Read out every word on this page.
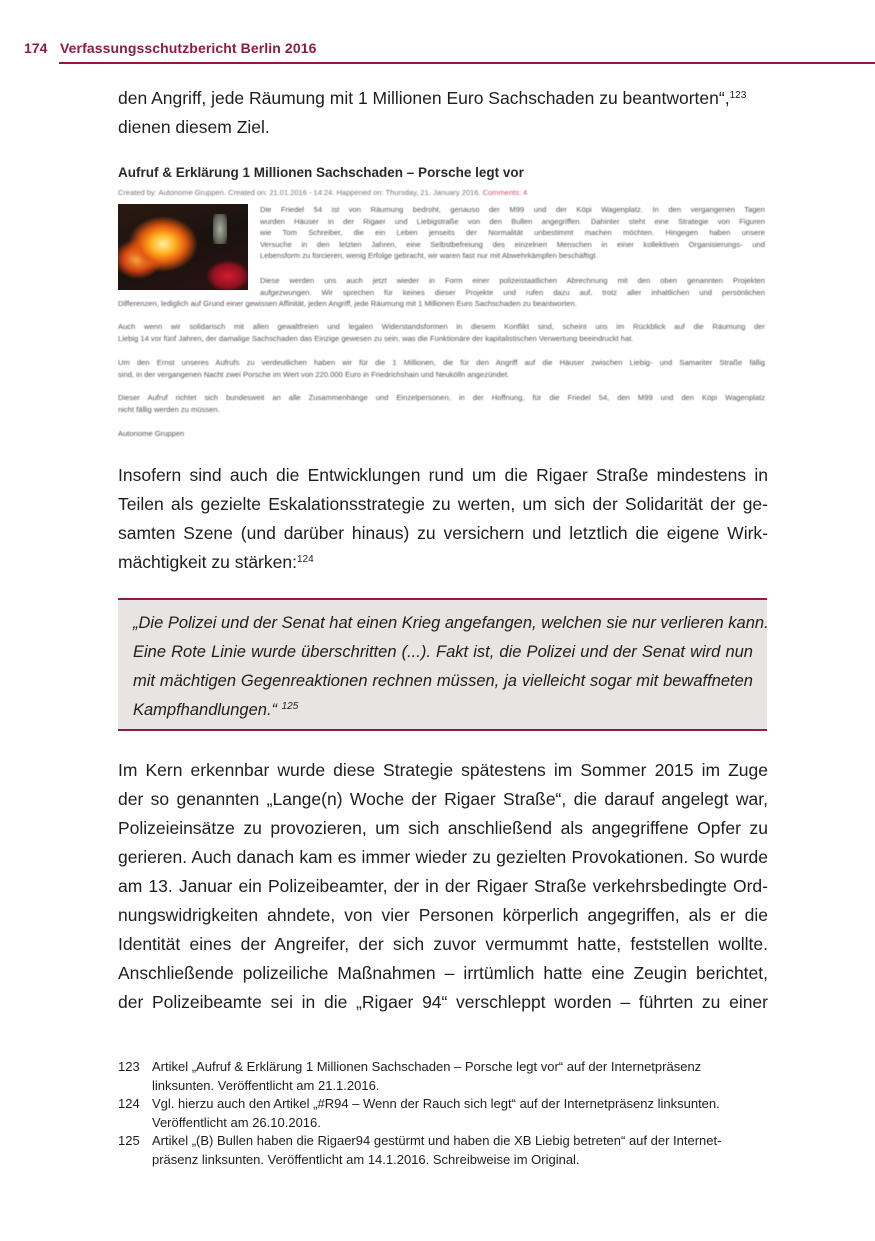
174 Verfassungsschutzbericht Berlin 2016
den Angriff, jede Räumung mit 1 Millionen Euro Sachschaden zu beantworten“,$^{123}$
dienen diesem Ziel.
Aufruf & Erklärung 1 Millionen Sachschaden – Porsche legt vor
Created by: Autonome Gruppen. Created on: 21.01.2016 - 14:24. Happened on: Thursday, 21. January 2016. Comments: 4
Die Friedel 54 ist von Räumung bedroht, genauso der M99 und der Köpi Wagenplatz. In den vergangenen Tagen
wurden Häuser in der Rigaer und Liebigstraße von den Bullen angegriffen. Dahinter steht eine Strategie von Figuren
wie Tom Schreiber, die ein Leben jenseits der Normalität unbestimmt machen möchten. Hingegen haben unsere
Versuche in den letzten Jahren, eine Selbstbefreiung des einzelnen Menschen in einer kollektiven Organisierungs- und
Lebensform zu forcieren, wenig Erfolge gebracht, wir waren fast nur mit Abwehrkämpfen beschäftigt.
Diese werden uns auch jetzt wieder in Form einer polizeistaatlichen Abrechnung mit den oben genannten Projekten
aufgezwungen. Wir sprechen für keines dieser Projekte und rufen dazu auf, trotz aller inhaltlichen und persönlichen
Differenzen, lediglich auf Grund einer gewissen Affinität, jeden Angriff, jede Räumung mit 1 Millionen Euro Sachschaden zu beantworten.
Auch wenn wir solidarisch mit allen gewaltfreien und legalen Widerstandsformen in diesem Konflikt sind, scheint uns im Rückblick auf die Räumung der
Liebig 14 vor fünf Jahren, der damalige Sachschaden das Einzige gewesen zu sein, was die Funktionäre der kapitalistischen Verwertung beeindruckt hat.
Um den Ernst unseres Aufrufs zu verdeutlichen haben wir für die 1 Millionen, die für den Angriff auf die Häuser zwischen Liebig- und Samariter Straße fällig
sind, in der vergangenen Nacht zwei Porsche im Wert von 220.000 Euro in Friedrichshain und Neukölln angezündet.
Dieser Aufruf richtet sich bundesweit an alle Zusammenhänge und Einzelpersonen, in der Hoffnung, für die Friedel 54, den M99 und den Köpi Wagenplatz
nicht fällig werden zu müssen.
Autonome Gruppen
Insofern sind auch die Entwicklungen rund um die Rigaer Straße mindestens in
Teilen als gezielte Eskalationsstrategie zu werten, um sich der Solidarität der ge-
samten Szene (und darüber hinaus) zu versichern und letztlich die eigene Wirk-
mächtigkeit zu stärken:$^{124}$
„Die Polizei und der Senat hat einen Krieg angefangen, welchen sie nur verlieren kann.
Eine Rote Linie wurde überschritten (...). Fakt ist, die Polizei und der Senat wird nun
mit mächtigen Gegenreaktionen rechnen müssen, ja vielleicht sogar mit bewaffneten
Kampfhandlungen.“ $^{125}$
Im Kern erkennbar wurde diese Strategie spätestens im Sommer 2015 im Zuge
der so genannten „Lange(n) Woche der Rigaer Straße“, die darauf angelegt war,
Polizeieinsätze zu provozieren, um sich anschließend als angegriffene Opfer zu
gerieren. Auch danach kam es immer wieder zu gezielten Provokationen. So wurde
am 13. Januar ein Polizeibeamter, der in der Rigaer Straße verkehrsbedingte Ord-
nungswidrigkeiten ahndete, von vier Personen körperlich angegriffen, als er die
Identität eines der Angreifer, der sich zuvor vermummt hatte, feststellen wollte.
Anschließende polizeiliche Maßnahmen – irrtümlich hatte eine Zeugin berichtet,
der Polizeibeamte sei in die „Rigaer 94“ verschleppt worden – führten zu einer
123 Artikel „Aufruf & Erklärung 1 Millionen Sachschaden – Porsche legt vor“ auf der Internetpräsenz
linksunten. Veröffentlicht am 21.1.2016.
124 Vgl. hierzu auch den Artikel „#R94 – Wenn der Rauch sich legt“ auf der Internetpräsenz linksunten.
Veröffentlicht am 26.10.2016.
125 Artikel „(B) Bullen haben die Rigaer94 gestürmt und haben die XB Liebig betreten“ auf der Internet-
präsenz linksunten. Veröffentlicht am 14.1.2016. Schreibweise im Original.
